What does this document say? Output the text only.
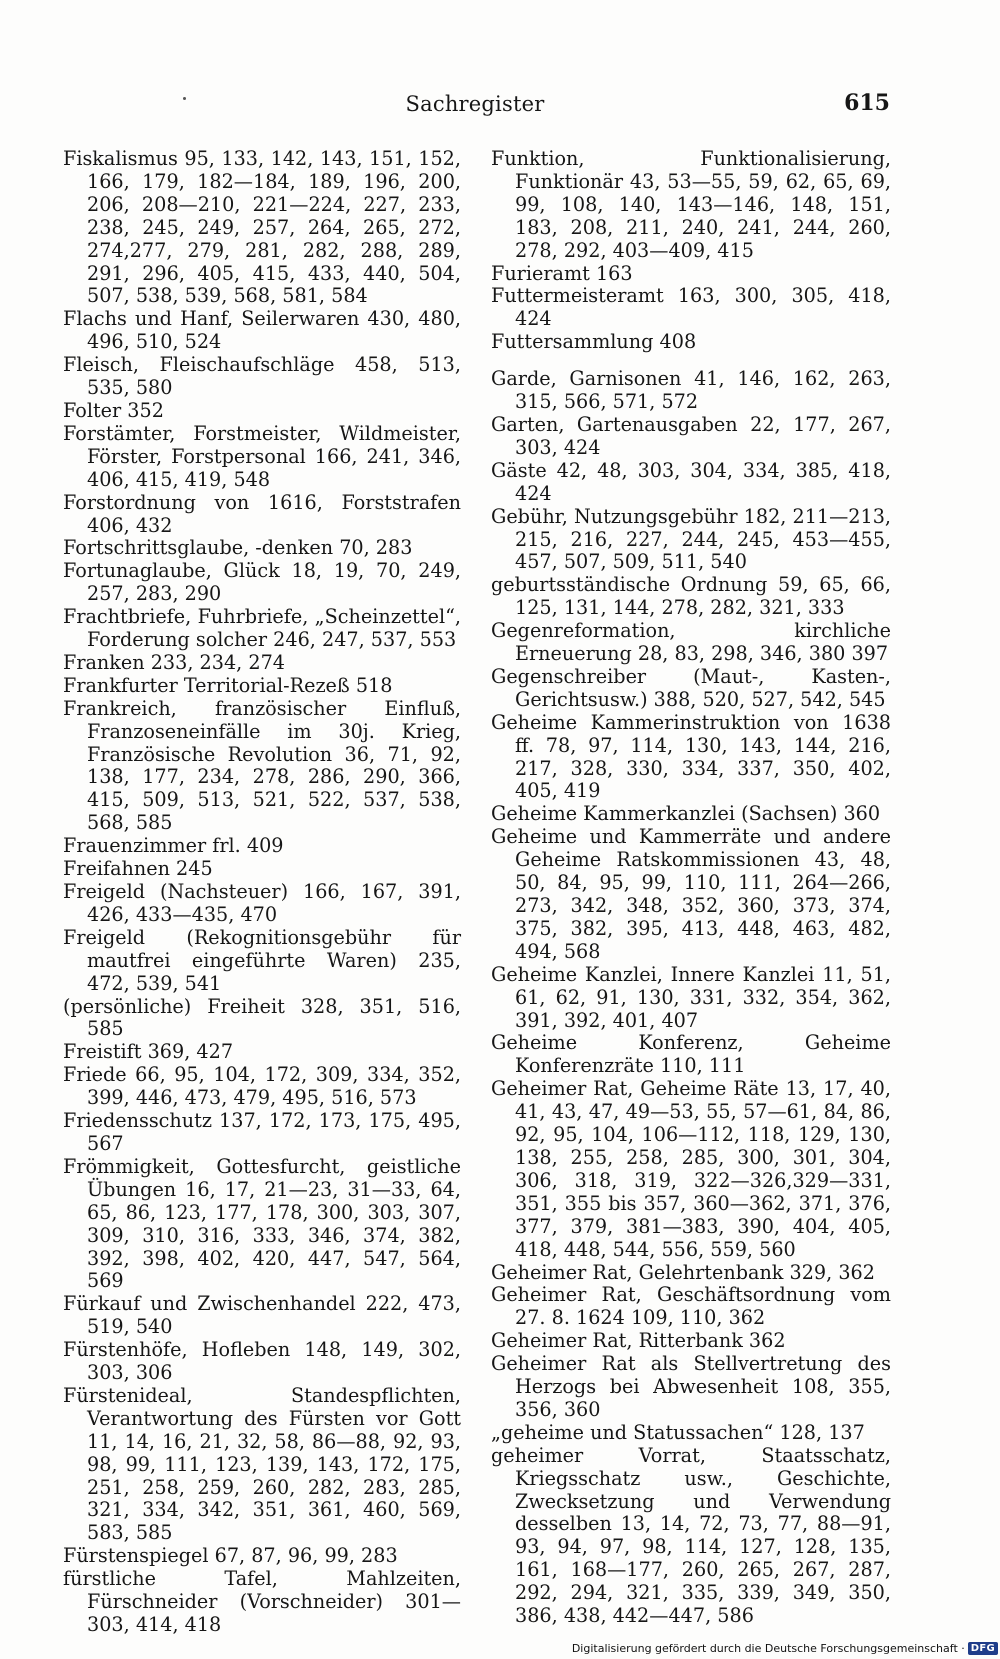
Sachregister	615
Fiskalismus 95, 133, 142, 143, 151, 152, 166, 179, 182—184, 189, 196, 200, 206, 208—210, 221—224, 227, 233, 238, 245, 249, 257, 264, 265, 272, 274,277, 279, 281, 282, 288, 289, 291, 296, 405, 415, 433, 440, 504, 507, 538, 539, 568, 581, 584
Flachs und Hanf, Seilerwaren 430, 480, 496, 510, 524
Fleisch, Fleischaufschläge 458, 513, 535, 580
Folter 352
Forstämter, Forstmeister, Wildmeister, Förster, Forstpersonal 166, 241, 346, 406, 415, 419, 548
Forstordnung von 1616, Forststrafen 406, 432
Fortschrittsglaube, -denken 70, 283
Fortunaglaube, Glück 18, 19, 70, 249, 257, 283, 290
Frachtbriefe, Fuhrbriefe, „Scheinzettel“, Forderung solcher 246, 247, 537, 553
Franken 233, 234, 274
Frankfurter Territorial-Rezeß 518
Frankreich, französischer Einfluß, Franzoseneinfälle im 30j. Krieg, Französische Revolution 36, 71, 92, 138, 177, 234, 278, 286, 290, 366, 415, 509, 513, 521, 522, 537, 538, 568, 585
Frauenzimmer frl. 409
Freifahnen 245
Freigeld (Nachsteuer) 166, 167, 391, 426, 433—435, 470
Freigeld (Rekognitionsgebühr für mautfrei eingeführte Waren) 235, 472, 539, 541
(persönliche) Freiheit 328, 351, 516, 585
Freistift 369, 427
Friede 66, 95, 104, 172, 309, 334, 352, 399, 446, 473, 479, 495, 516, 573
Friedensschutz 137, 172, 173, 175, 495, 567
Frömmigkeit, Gottesfurcht, geistliche Übungen 16, 17, 21—23, 31—33, 64, 65, 86, 123, 177, 178, 300, 303, 307, 309, 310, 316, 333, 346, 374, 382, 392, 398, 402, 420, 447, 547, 564, 569
Fürkauf und Zwischenhandel 222, 473, 519, 540
Fürstenhöfe, Hofleben 148, 149, 302, 303, 306
Fürstenideal, Standespflichten, Verantwortung des Fürsten vor Gott 11, 14, 16, 21, 32, 58, 86—88, 92, 93, 98, 99, 111, 123, 139, 143, 172, 175, 251, 258, 259, 260, 282, 283, 285, 321, 334, 342, 351, 361, 460, 569, 583, 585
Fürstenspiegel 67, 87, 96, 99, 283
fürstliche Tafel, Mahlzeiten, Fürschneider (Vorschneider) 301—303, 414, 418
Funktion, Funktionalisierung, Funktionär 43, 53—55, 59, 62, 65, 69, 99, 108, 140, 143—146, 148, 151, 183, 208, 211, 240, 241, 244, 260, 278, 292, 403—409, 415
Furieramt 163
Futtermeisteramt 163, 300, 305, 418, 424
Futtersammlung 408
Garde, Garnisonen 41, 146, 162, 263, 315, 566, 571, 572
Garten, Gartenausgaben 22, 177, 267, 303, 424
Gäste 42, 48, 303, 304, 334, 385, 418, 424
Gebühr, Nutzungsgebühr 182, 211—213, 215, 216, 227, 244, 245, 453—455, 457, 507, 509, 511, 540
geburtsständische Ordnung 59, 65, 66, 125, 131, 144, 278, 282, 321, 333
Gegenreformation, kirchliche Erneuerung 28, 83, 298, 346, 380 397
Gegenschreiber (Maut-, Kasten-, Gerichtsusw.) 388, 520, 527, 542, 545
Geheime Kammerinstruktion von 1638 ff. 78, 97, 114, 130, 143, 144, 216, 217, 328, 330, 334, 337, 350, 402, 405, 419
Geheime Kammerkanzlei (Sachsen) 360
Geheime und Kammerräte und andere Geheime Ratskommissionen 43, 48, 50, 84, 95, 99, 110, 111, 264—266, 273, 342, 348, 352, 360, 373, 374, 375, 382, 395, 413, 448, 463, 482, 494, 568
Geheime Kanzlei, Innere Kanzlei 11, 51, 61, 62, 91, 130, 331, 332, 354, 362, 391, 392, 401, 407
Geheime Konferenz, Geheime Konferenzräte 110, 111
Geheimer Rat, Geheime Räte 13, 17, 40, 41, 43, 47, 49—53, 55, 57—61, 84, 86, 92, 95, 104, 106—112, 118, 129, 130, 138, 255, 258, 285, 300, 301, 304, 306, 318, 319, 322—326,329—331, 351, 355 bis 357, 360—362, 371, 376, 377, 379, 381—383, 390, 404, 405, 418, 448, 544, 556, 559, 560
Geheimer Rat, Gelehrtenbank 329, 362
Geheimer Rat, Geschäftsordnung vom 27. 8. 1624 109, 110, 362
Geheimer Rat, Ritterbank 362
Geheimer Rat als Stellvertretung des Herzogs bei Abwesenheit 108, 355, 356, 360
„geheime und Statussachen“ 128, 137
geheimer Vorrat, Staatsschatz, Kriegsschatz usw., Geschichte, Zwecksetzung und Verwendung desselben 13, 14, 72, 73, 77, 88—91, 93, 94, 97, 98, 114, 127, 128, 135, 161, 168—177, 260, 265, 267, 287, 292, 294, 321, 335, 339, 349, 350, 386, 438, 442—447, 586
Digitalisierung gefördert durch die Deutsche Forschungsgemeinschaft · DFG
